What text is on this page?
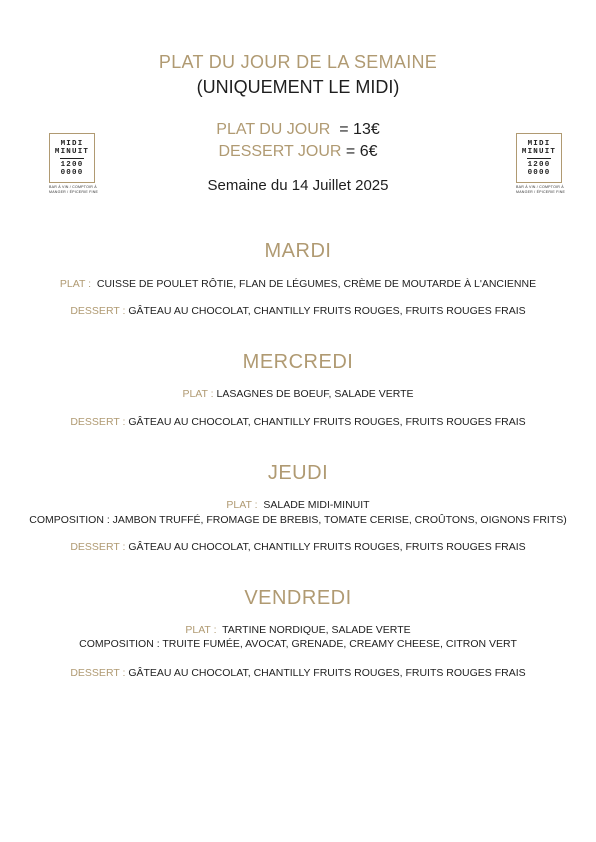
PLAT DU JOUR DE LA SEMAINE
(UNIQUEMENT LE MIDI)
PLAT DU JOUR = 13€
DESSERT JOUR = 6€
Semaine du 14 Juillet 2025
MIDI
MINUIT
1200
0000
BAR À VIN / COMPTOIR À
MANGER / ÉPICERIE FINE
MIDI
MINUIT
1200
0000
BAR À VIN / COMPTOIR À
MANGER / ÉPICERIE FINE
MARDI
PLAT : CUISSE DE POULET RÔTIE, FLAN DE LÉGUMES, CRÈME DE MOUTARDE À L'ANCIENNE
DESSERT : GÂTEAU AU CHOCOLAT, CHANTILLY FRUITS ROUGES, FRUITS ROUGES FRAIS
MERCREDI
PLAT : LASAGNES DE BOEUF, SALADE VERTE
DESSERT : GÂTEAU AU CHOCOLAT, CHANTILLY FRUITS ROUGES, FRUITS ROUGES FRAIS
JEUDI
PLAT : SALADE MIDI-MINUIT
COMPOSITION : JAMBON TRUFFÉ, FROMAGE DE BREBIS, TOMATE CERISE, CROÛTONS, OIGNONS FRITS)
DESSERT : GÂTEAU AU CHOCOLAT, CHANTILLY FRUITS ROUGES, FRUITS ROUGES FRAIS
VENDREDI
PLAT : TARTINE NORDIQUE, SALADE VERTE
COMPOSITION : TRUITE FUMÉE, AVOCAT, GRENADE, CREAMY CHEESE, CITRON VERT
DESSERT : GÂTEAU AU CHOCOLAT, CHANTILLY FRUITS ROUGES, FRUITS ROUGES FRAIS
